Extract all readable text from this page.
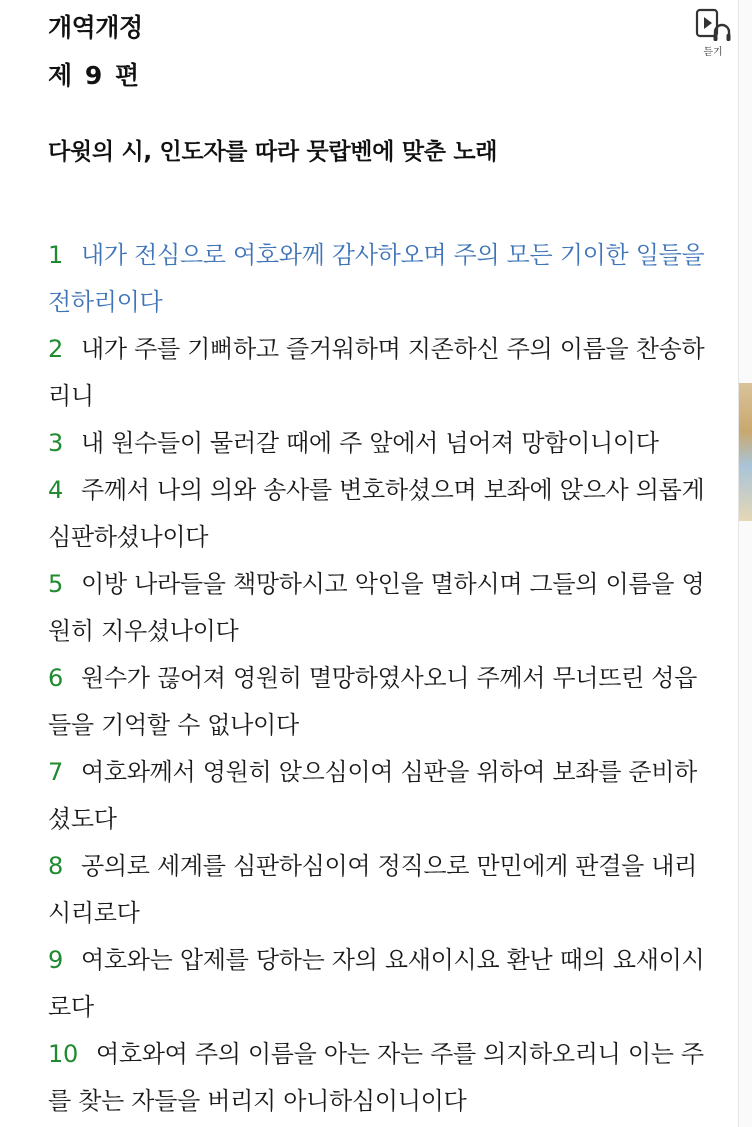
개역개정
제 9 편
듣기
다윗의 시, 인도자를 따라 뭇랍벤에 맞춘 노래
1 내가 전심으로 여호와께 감사하오며 주의 모든 기이한 일들을 전하리이다
2 내가 주를 기뻐하고 즐거워하며 지존하신 주의 이름을 찬송하리니
3 내 원수들이 물러갈 때에 주 앞에서 넘어져 망함이니이다
4 주께서 나의 의와 송사를 변호하셨으며 보좌에 앉으사 의롭게 심판하셨나이다
5 이방 나라들을 책망하시고 악인을 멸하시며 그들의 이름을 영원히 지우셨나이다
6 원수가 끊어져 영원히 멸망하였사오니 주께서 무너뜨린 성읍들을 기억할 수 없나이다
7 여호와께서 영원히 앉으심이여 심판을 위하여 보좌를 준비하셨도다
8 공의로 세계를 심판하심이여 정직으로 만민에게 판결을 내리시리로다
9 여호와는 압제를 당하는 자의 요새이시요 환난 때의 요새이시로다
10 여호와여 주의 이름을 아는 자는 주를 의지하오리니 이는 주를 찾는 자들을 버리지 아니하심이니이다
